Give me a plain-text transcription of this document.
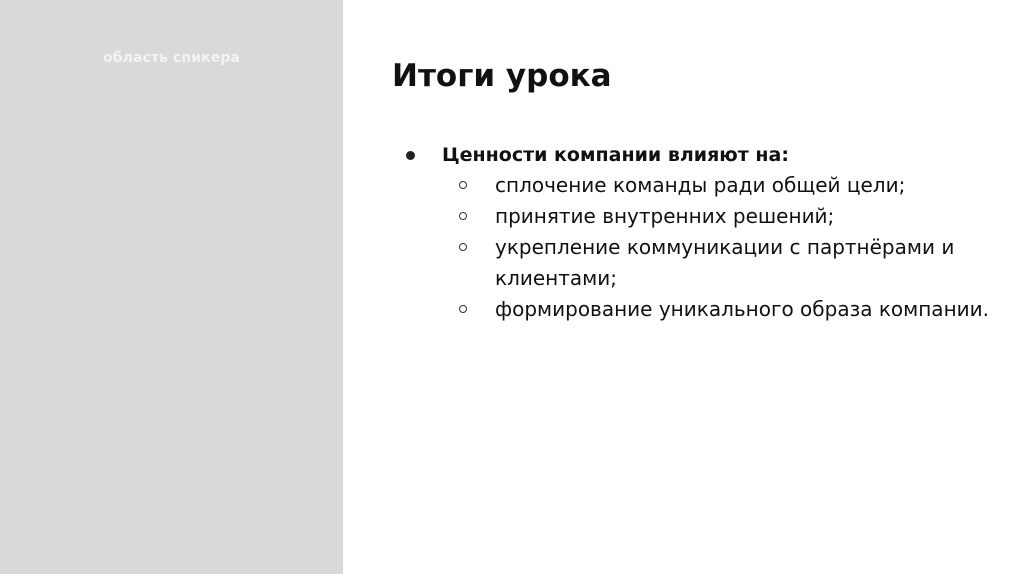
область спикера	Итоги урока
Ценности компании влияют на:
сплочение команды ради общей цели;
принятие внутренних решений;
укрепление коммуникации с партнёрами и клиентами;
формирование уникального образа компании.
